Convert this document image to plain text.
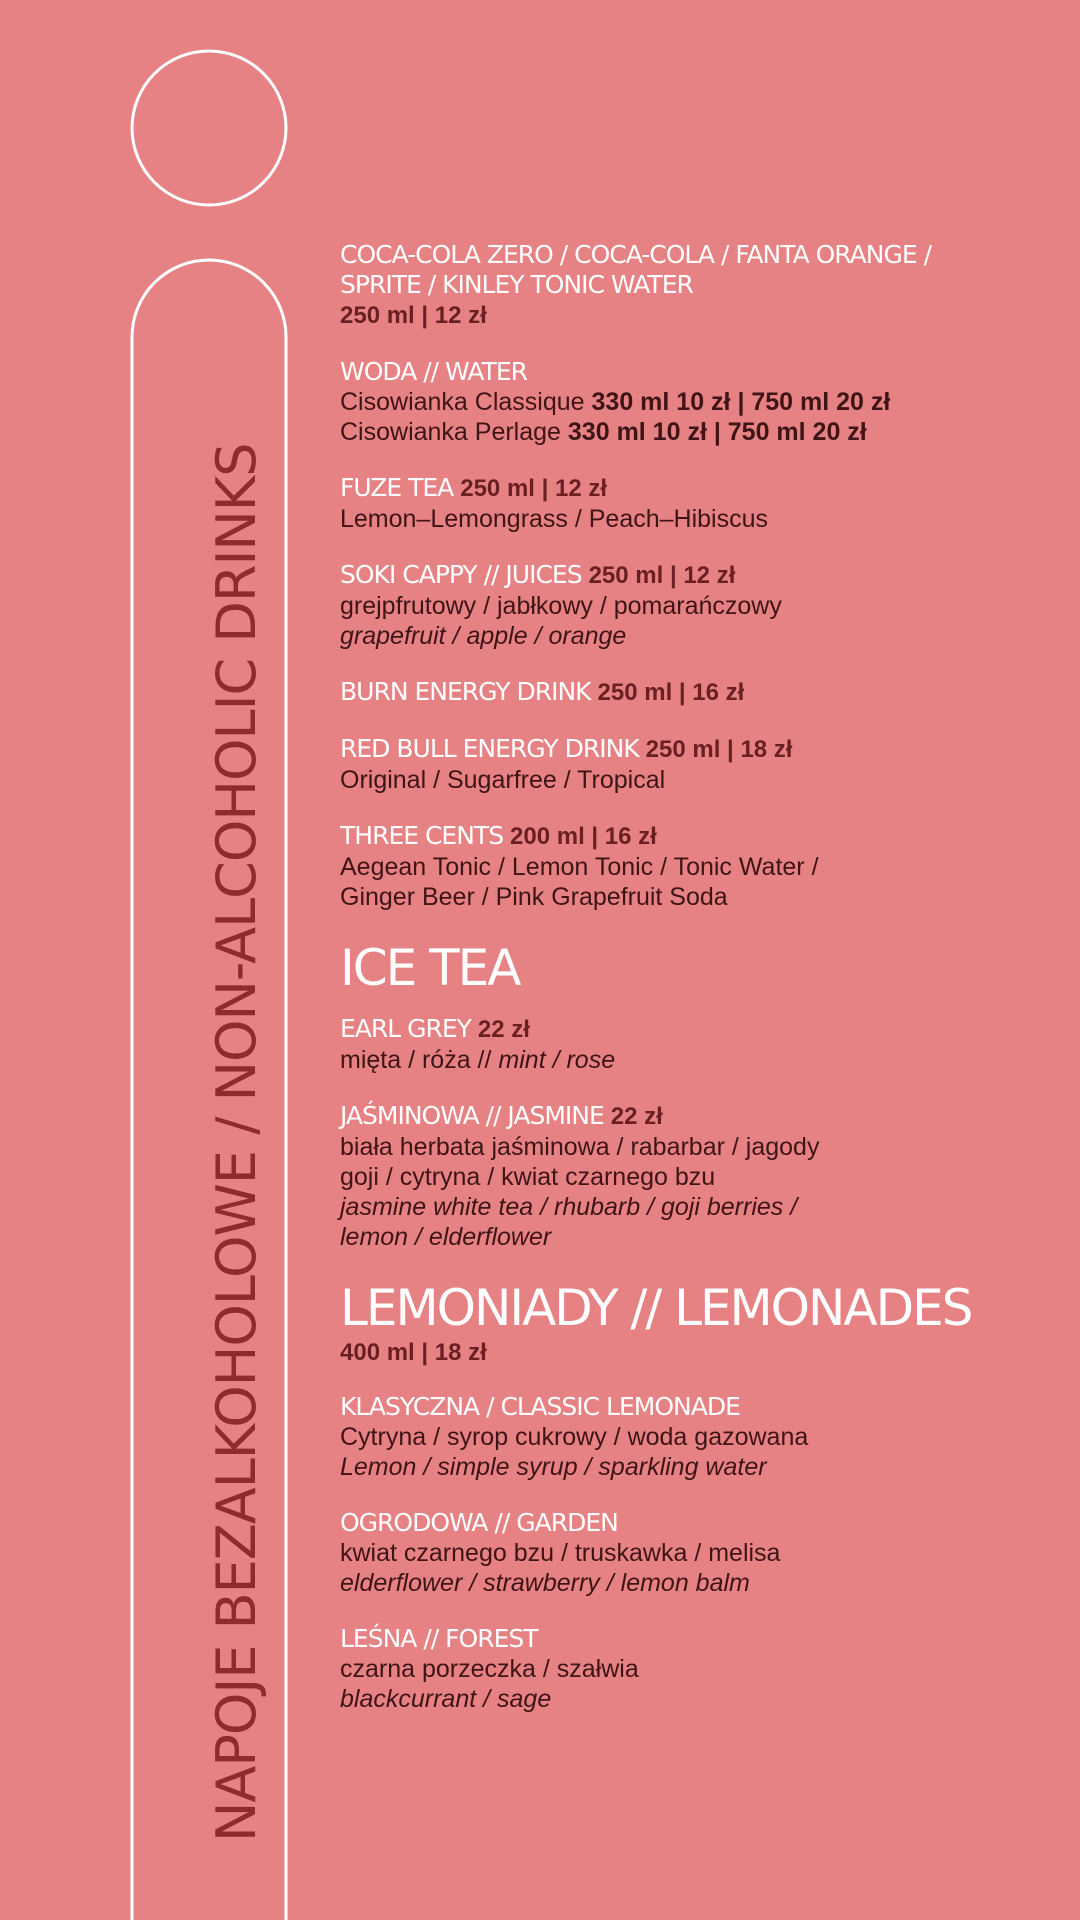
NAPOJE BEZALKOHOLOWE / NON-ALCOHOLIC DRINKS
COCA-COLA ZERO / COCA-COLA / FANTA ORANGE /
SPRITE / KINLEY TONIC WATER
250 ml | 12 zł
WODA // WATER
Cisowianka Classique 330 ml 10 zł | 750 ml 20 zł
Cisowianka Perlage 330 ml 10 zł | 750 ml 20 zł
FUZE TEA 250 ml | 12 zł
Lemon–Lemongrass / Peach–Hibiscus
SOKI CAPPY // JUICES 250 ml | 12 zł
grejpfrutowy / jabłkowy / pomarańczowy
grapefruit / apple / orange
BURN ENERGY DRINK 250 ml | 16 zł
RED BULL ENERGY DRINK 250 ml | 18 zł
Original / Sugarfree / Tropical
THREE CENTS 200 ml | 16 zł
Aegean Tonic / Lemon Tonic / Tonic Water /
Ginger Beer / Pink Grapefruit Soda
ICE TEA
EARL GREY 22 zł
mięta / róża // mint / rose
JAŚMINOWA // JASMINE 22 zł
biała herbata jaśminowa / rabarbar / jagody
goji / cytryna / kwiat czarnego bzu
jasmine white tea / rhubarb / goji berries /
lemon / elderflower
LEMONIADY // LEMONADES
400 ml | 18 zł
KLASYCZNA / CLASSIC LEMONADE
Cytryna / syrop cukrowy / woda gazowana
Lemon / simple syrup / sparkling water
OGRODOWA // GARDEN
kwiat czarnego bzu / truskawka / melisa
elderflower / strawberry / lemon balm
LEŚNA // FOREST
czarna porzeczka / szałwia
blackcurrant / sage
